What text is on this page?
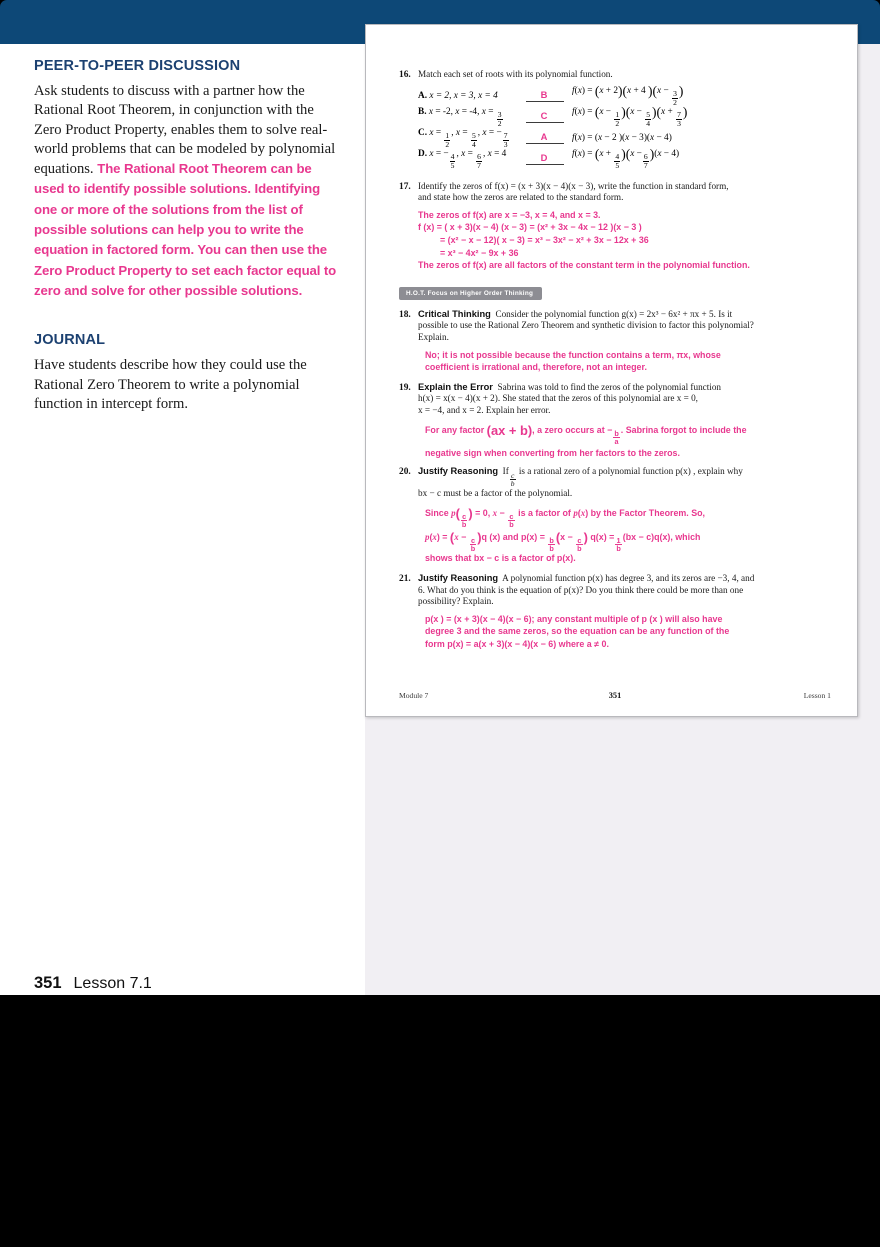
PEER-TO-PEER DISCUSSION

Ask students to discuss with a partner how the Rational Root Theorem, in conjunction with the Zero Product Property, enables them to solve real-world problems that can be modeled by polynomial equations. The Rational Root Theorem can be used to identify possible solutions. Identifying one or more of the solutions from the list of possible solutions can help you to write the equation in factored form. You can then use the Zero Product Property to set each factor equal to zero and solve for other possible solutions.

JOURNAL

Have students describe how they could use the Rational Zero Theorem to write a polynomial function in intercept form.

351 Lesson 7.1
16. Match each set of roots with its polynomial function.
A. x = 2, x = 3, x = 4	B	f(x) = (x + 2)(x + 4 )($x - \frac{3}{2}$ )
B. x = -2, x = -4, $x = \frac{3}{2}$	C	$f(x) = (x - \frac{1}{2} )(x - \frac{5}{4} )(x + \frac{7}{3}$ )
C. $x = \frac{1}{2}$ , $x = \frac{5}{4}$ , x = − $\frac{7}{3}$	A	f(x) = (x − 2 )(x − 3)(x − 4)
D. x = − $\frac{4}{5}$ , $x = \frac{6}{7}$ , x = 4	D	$f(x) = (x + \frac{4}{5} )(x - \frac{6}{7} )(x - 4)$
17. Identify the zeros of f(x) = (x + 3)(x − 4)(x − 3), write the function in standard form,
and state how the zeros are related to the standard form.
The zeros of f(x) are x = −3, x = 4, and x = 3.
f (x) = ( x + 3)(x − 4) (x − 3) = (x² + 3x − 4x − 12 )(x − 3 )
= (x² − x − 12)( x − 3) = x³ − 3x² − x² + 3x − 12x + 36
= x³ − 4x² − 9x + 36
The zeros of f(x) are all factors of the constant term in the polynomial function.
H.O.T. Focus on Higher Order Thinking
18. Critical Thinking Consider the polynomial function g(x) = 2x³ − 6x² + πx + 5. Is it
possible to use the Rational Zero Theorem and synthetic division to factor this polynomial?
Explain.
No; it is not possible because the function contains a term, πx, whose
coefficient is irrational and, therefore, not an integer.
19. Explain the Error Sabrina was told to find the zeros of the polynomial function
h(x) = x(x − 4)(x + 2). She stated that the zeros of this polynomial are x = 0,
x = −4, and x = 2. Explain her error.
For any factor (ax + b), a zero occurs at −
$\frac{b}{a}$
. Sabrina forgot to include the
negative sign when converting from her factors to the zeros.
20. Justify Reasoning If
$\frac{c}{b}$
is a rational zero of a polynomial function p(x) , explain why
bx − c must be a factor of the polynomial.
Since $p( \frac{c}{b}$ ) = 0, x −
$\frac{c}{b}$
is a factor of p(x) by the Factor Theorem. So,
p(x) = (x −
$\frac{c}{b} )q$ (x) and p(x) =
$\frac{b}{b} (x$ −
$\frac{c}{b}$ ) q(x) =
$\frac{1}{b}$
(bx − c)q(x), which
shows that bx − c is a factor of p(x).
21. Justify Reasoning A polynomial function p(x) has degree 3, and its zeros are −3, 4, and
6. What do you think is the equation of p(x)? Do you think there could be more than one
possibility? Explain.
p(x ) = (x + 3)(x − 4)(x − 6); any constant multiple of p (x ) will also have
degree 3 and the same zeros, so the equation can be any function of the
form p(x) = a(x + 3)(x − 4)(x − 6) where a ≠ 0.
Module 7	351	Lesson 1
